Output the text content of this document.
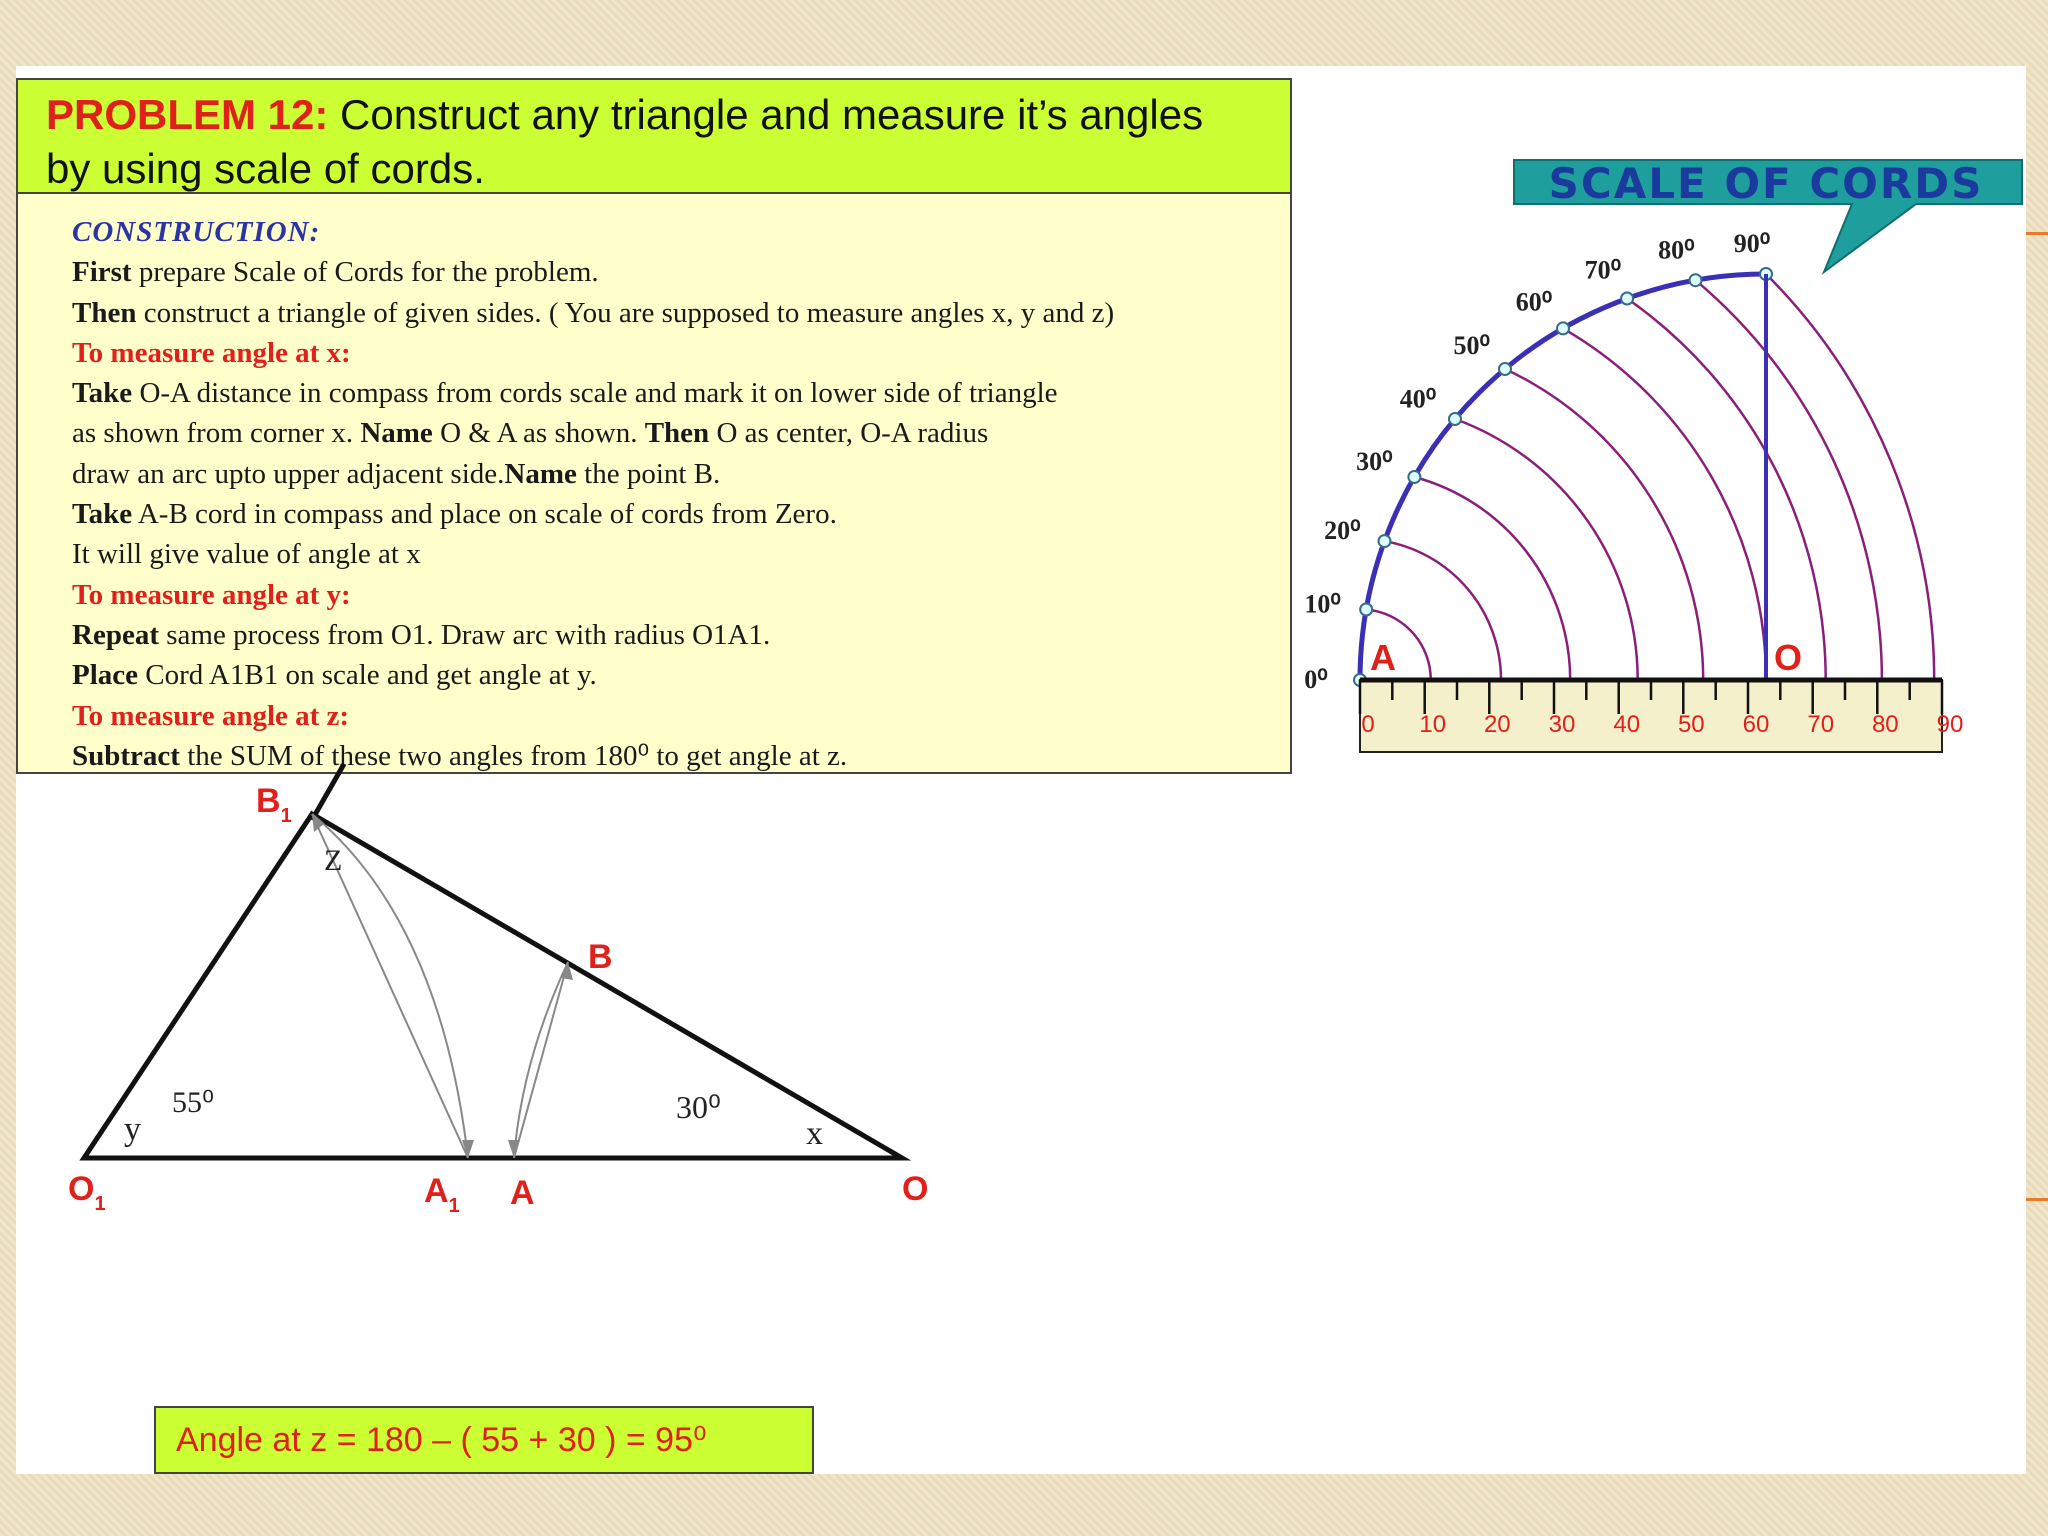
PROBLEM 12: Construct any triangle and measure it’s angles
by using scale of cords.
CONSTRUCTION:
First prepare Scale of Cords for the problem.
Then construct a triangle of given sides. ( You are supposed to measure angles x, y and z)
To measure angle at x:
Take O-A distance in compass from cords scale and mark it on lower side of triangle
as shown from corner x. Name O & A as shown. Then O as center, O-A radius
draw an arc upto upper adjacent side.Name the point B.
Take A-B cord in compass and place on scale of cords from Zero.
It will give value of angle at x
To measure angle at y:
Repeat same process from O1. Draw arc with radius O1A1.
Place Cord A1B1 on scale and get angle at y.
To measure angle at z:
Subtract the SUM of these two angles from 180⁰ to get angle at z.
Angle at z = 180 – ( 55 + 30 ) = 95⁰
SCALE OF CORDS
0 10 20 30 40 50 60 70 80 90
0⁰
10⁰
20⁰
30⁰
40⁰
50⁰
60⁰
70⁰
80⁰ 90⁰
A	O
$B_1$
B
$O_1$	$A_1$ A	O
Z
y	x
55⁰	30⁰
